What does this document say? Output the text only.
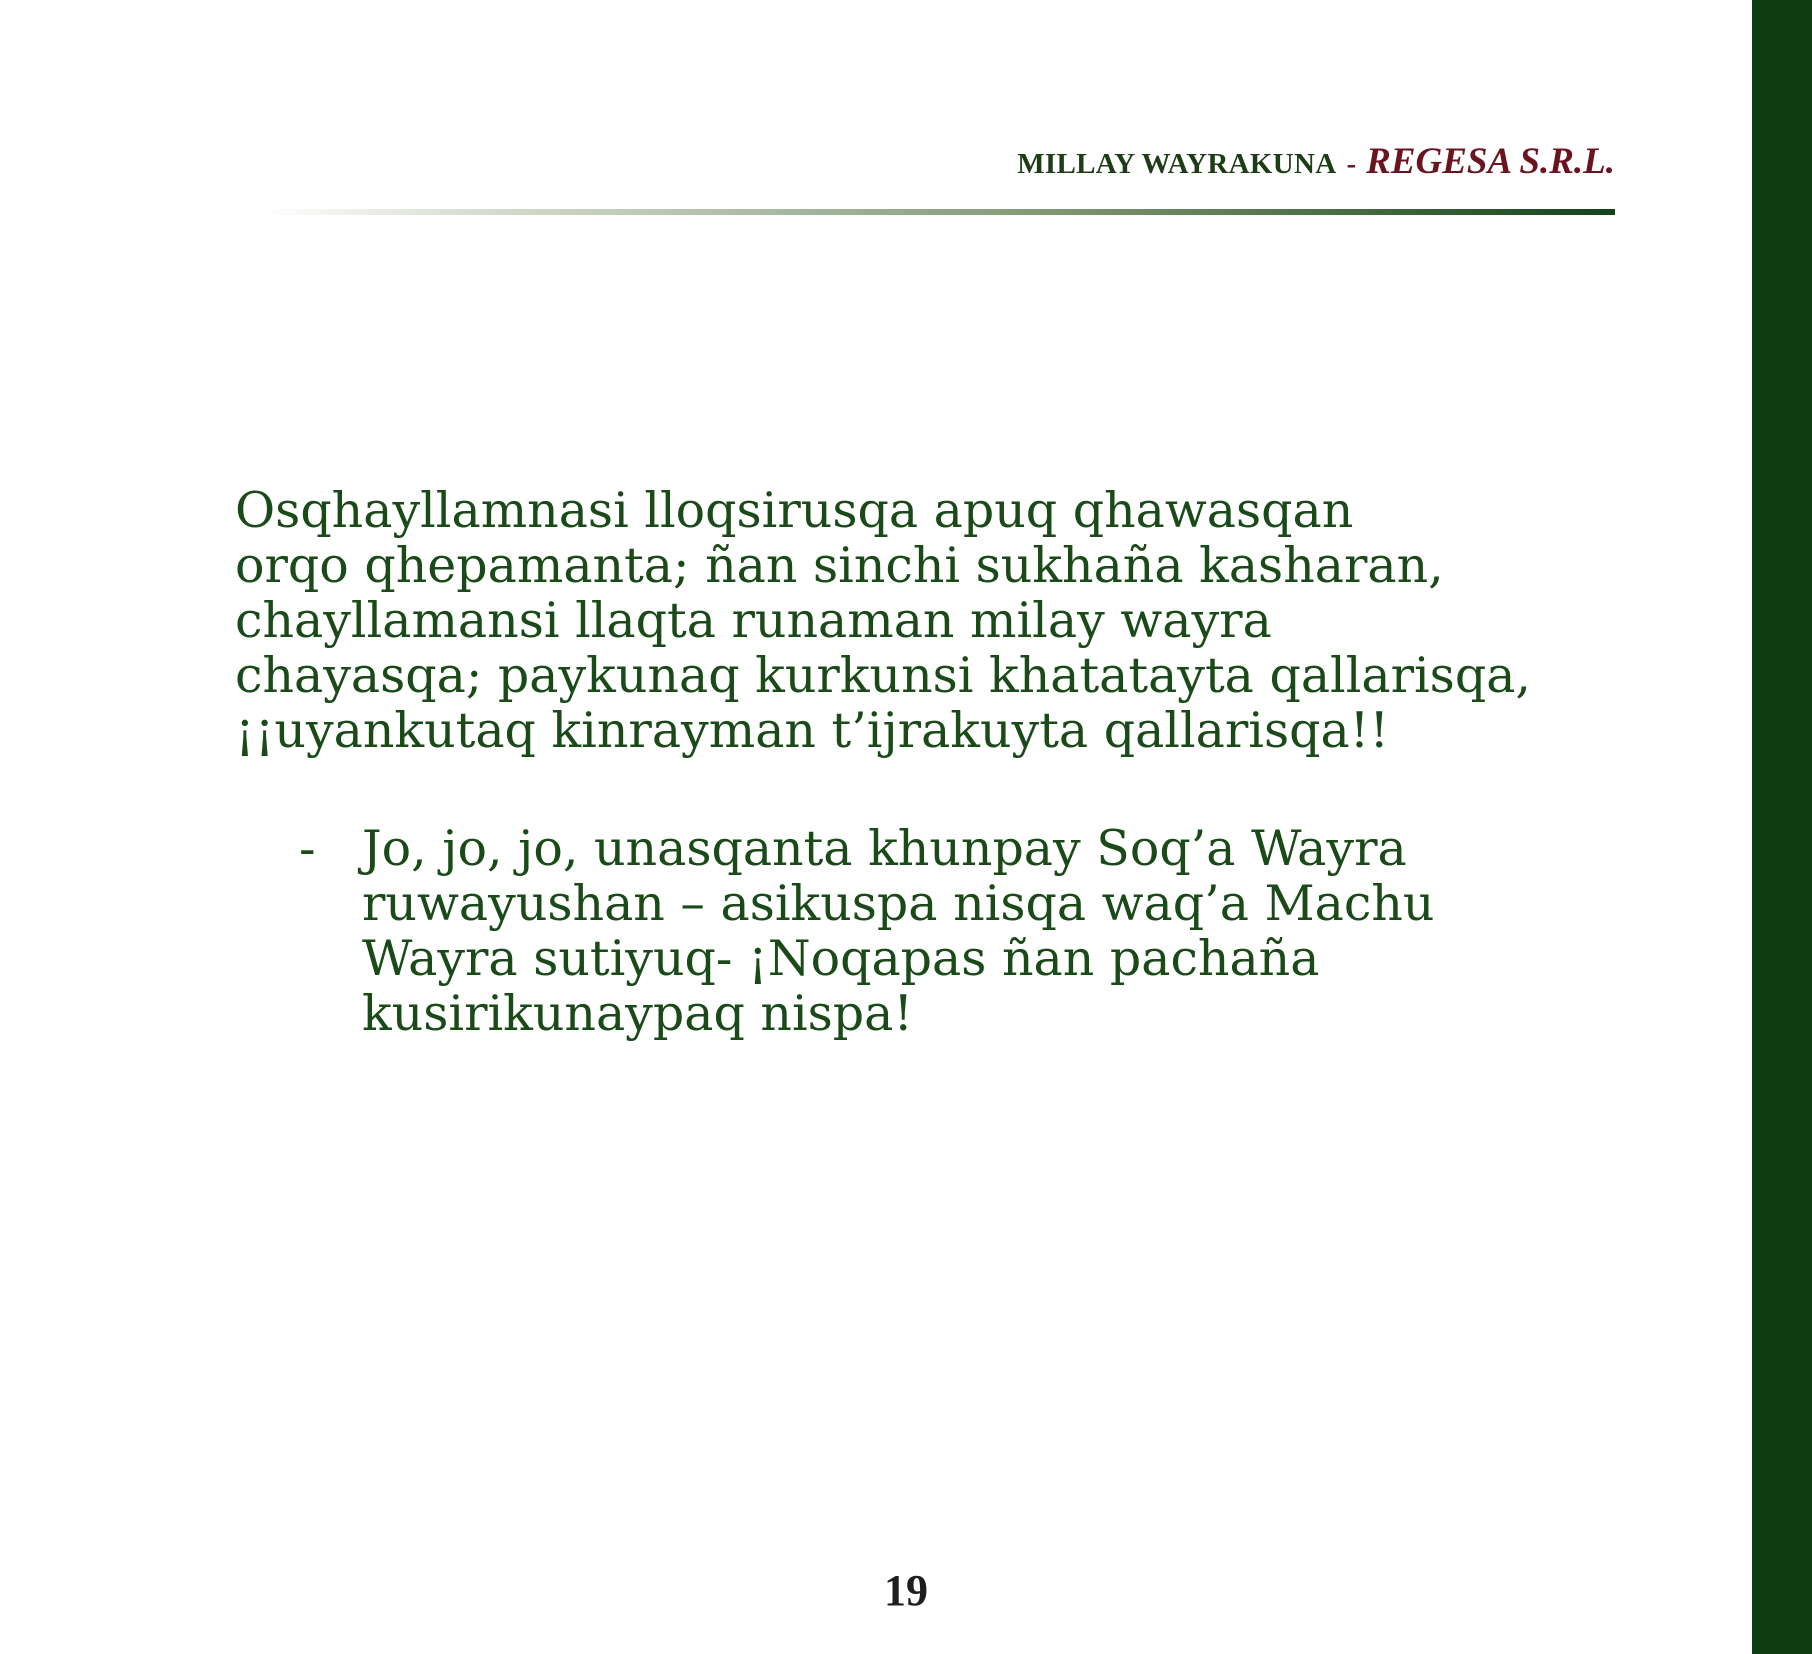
MILLAY WAYRAKUNA - REGESA S.R.L.

Osqhayllamnasi lloqsirusqa apuq qhawasqan
orqo qhepamanta; ñan sinchi sukhaña kasharan,
chayllamansi llaqta runaman milay wayra
chayasqa; paykunaq kurkunsi khatatayta qallarisqa,
¡¡uyankutaq kinrayman t’ijrakuyta qallarisqa!!

- Jo, jo, jo, unasqanta khunpay Soq’a Wayra
ruwayushan – asikuspa nisqa waq’a Machu
Wayra sutiyuq- ¡Noqapas ñan pachaña
kusirikunaypaq nispa!
19
